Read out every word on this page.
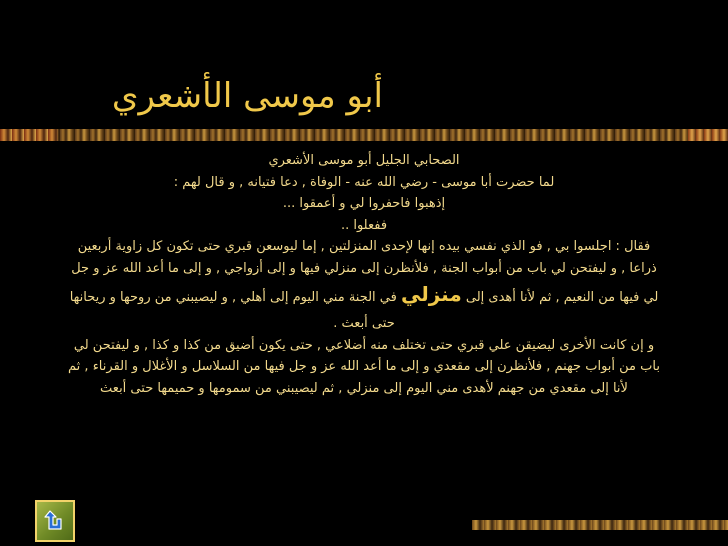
أبو موسى الأشعري
الصحابي الجليل أبو موسى الأشعري
لما حضرت أبا موسى - رضي الله عنه - الوفاة , دعا فتيانه , و قال لهم :
إذهبوا فاحفروا لي و أعمقوا ...
ففعلوا ..
فقال : اجلسوا بي , فو الذي نفسي بيده إنها لإحدى المنزلتين , إما ليوسعن قبري حتى تكون كل زاوية أربعين
ذراعا , و ليفتحن لي باب من أبواب الجنة , فلأنظرن إلى منزلي فيها و إلى أزواجي , و إلى ما أعد الله عز و جل
لي فيها من النعيم , ثم لأنا أهدى إلى منزلي في الجنة مني اليوم إلى أهلي , و ليصيبني من روحها و ريحانها
حتى أبعث .
و إن كانت الأخرى ليضيقن علي قبري حتى تختلف منه أضلاعي , حتى يكون أضيق من كذا و كذا , و ليفتحن لي
باب من أبواب جهنم , فلأنظرن إلى مقعدي و إلى ما أعد الله عز و جل فيها من السلاسل و الأغلال و القرناء , ثم
لأنا إلى مقعدي من جهنم لأهدى مني اليوم إلى منزلي , ثم ليصيبني من سمومها و حميمها حتى أبعث
